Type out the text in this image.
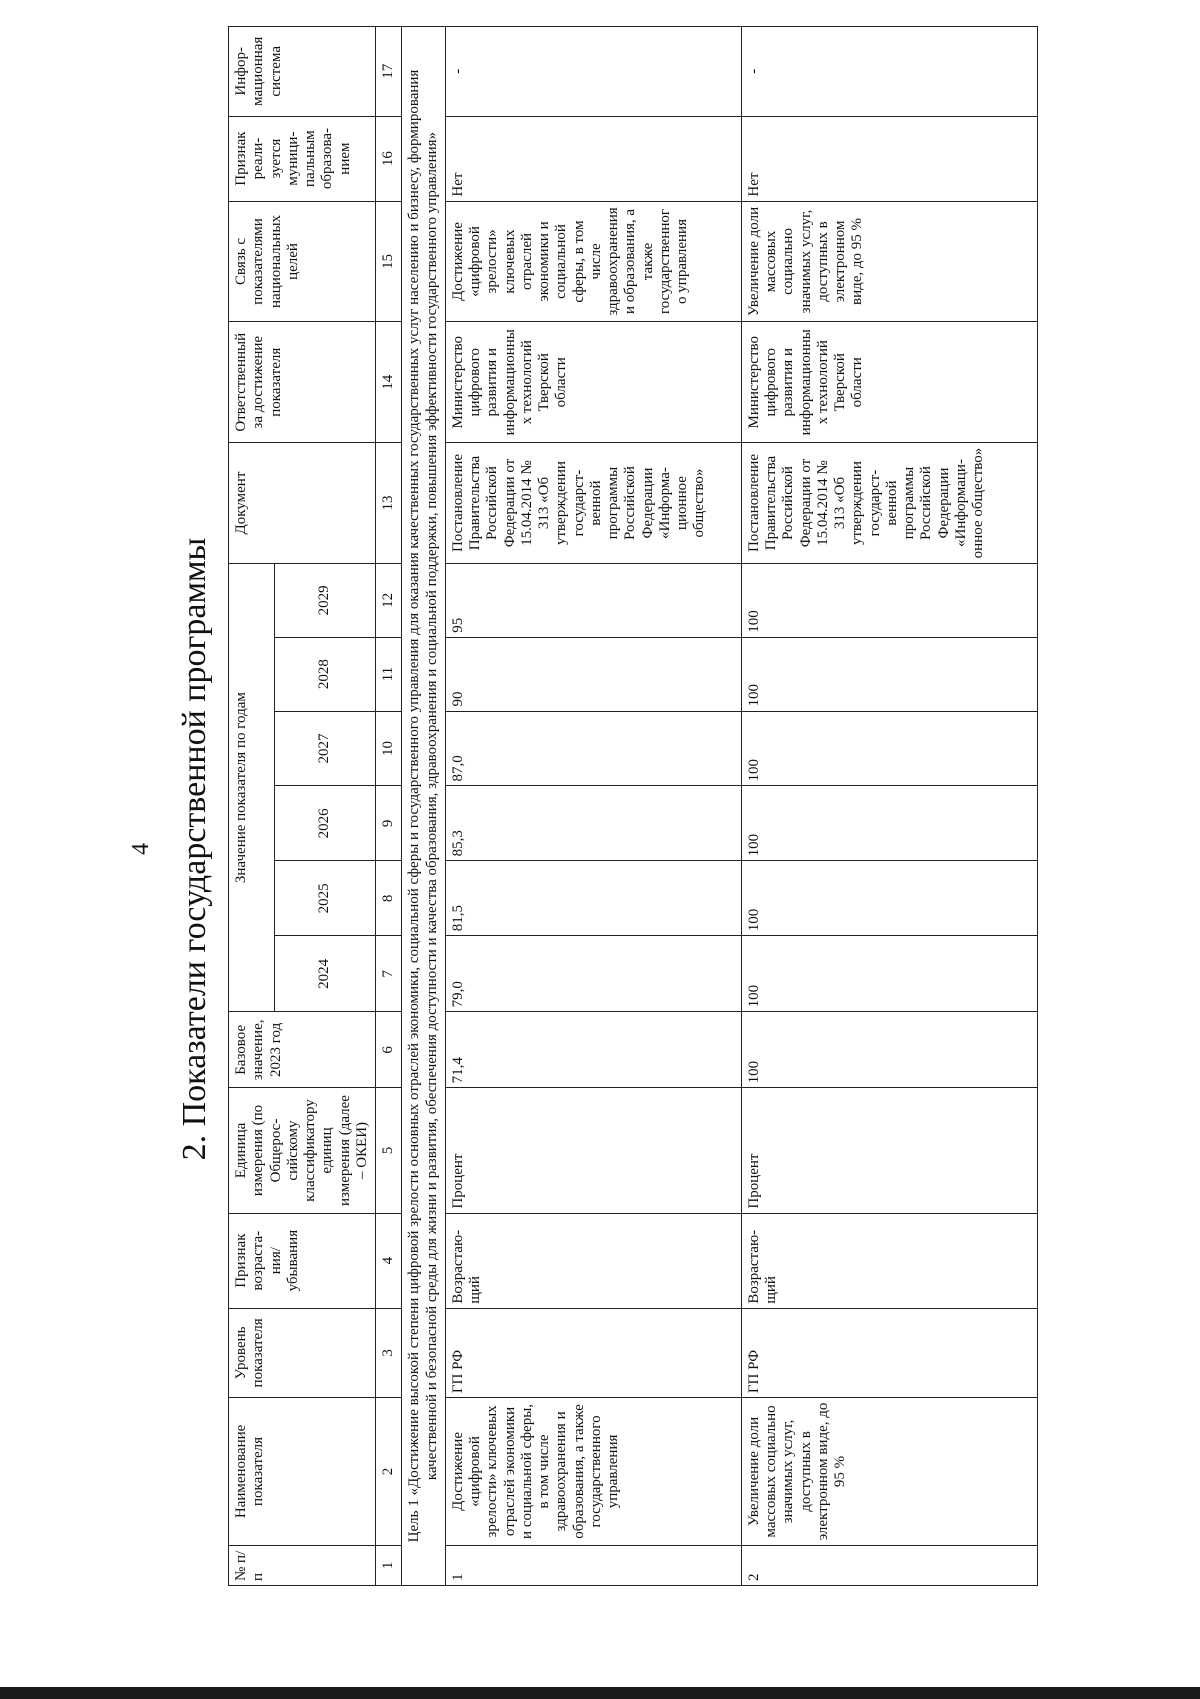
4 2. Показатели государственной программы
№ п/п	Наименование показателя	Уровень показателя	Признак возраста-ния/ убывания	Единица измерения (по Общерос-сийскому классификатору единиц измерения (далее – ОКЕИ)	Базовое значение, 2023 год	Значение показателя по годам						Документ	Ответственный за достижение показателя	Связь с показателями национальных целей	Признак реали-зуется муници-пальным образова-нием	Инфор-мационная система
						2024	2025	2026	2027	2028	2029					
1	2	3	4	5	6	7	8	9	10	11	12	13	14	15	16	17
Цель 1 «Достижение высокой степени цифровой зрелости основных отраслей экономики, социальной сферы и государственного управления для оказания качественных государственных услуг населению и бизнесу, формирования качественной и безопасной среды для жизни и развития, обеспечения доступности и качества образования, здравоохранения и социальной поддержки, повышения эффективности государственного управления»																
1	Достижение «цифровой зрелости» ключевых отраслей экономики и социальной сферы, в том числе здравоохранения и образования, а также государственного управления	ГП РФ	Возрастаю-щий	Процент	71,4	79,0	81,5	85,3	87,0	90	95	Постановление Правительства Российской Федерации от 15.04.2014 № 313 «Об утверждении государст-венной программы Российской Федерации «Информа-ционное общество»	Министерство цифрового развития и информационных технологий Тверской области	Достижение «цифровой зрелости» ключевых отраслей экономики и социальной сферы, в том числе здравоохранения и образования, а также государственного управления	Нет	-
2	Увеличение доли массовых социально значимых услуг, доступных в электронном виде, до 95 %	ГП РФ	Возрастаю-щий	Процент	100	100	100	100	100	100	100	Постановление Правительства Российской Федерации от 15.04.2014 № 313 «Об утверждении государст-венной программы Российской Федерации «Информаци-онное общество»	Министерство цифрового развития и информационных технологий Тверской области	Увеличение доли массовых социально значимых услуг, доступных в электронном виде, до 95 %	Нет	-
